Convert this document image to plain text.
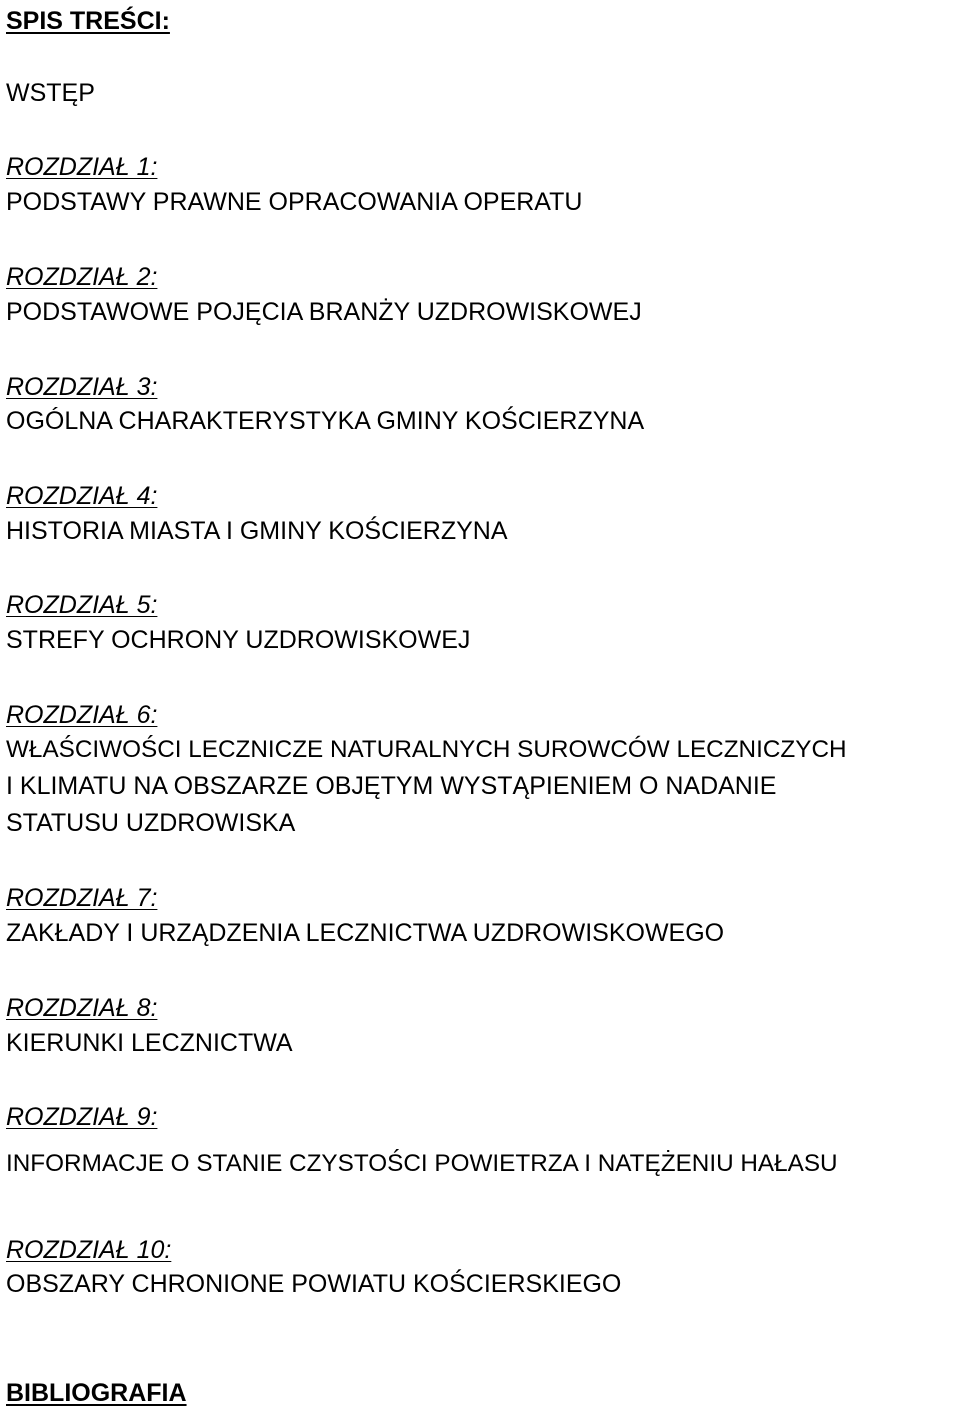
SPIS TREŚCI:

WSTĘP

ROZDZIAŁ 1:

PODSTAWY PRAWNE OPRACOWANIA OPERATU

ROZDZIAŁ 2:

PODSTAWOWE POJĘCIA BRANŻY UZDROWISKOWEJ

ROZDZIAŁ 3:

OGÓLNA CHARAKTERYSTYKA GMINY KOŚCIERZYNA

ROZDZIAŁ 4:

HISTORIA MIASTA I GMINY KOŚCIERZYNA

ROZDZIAŁ 5:

STREFY OCHRONY UZDROWISKOWEJ

ROZDZIAŁ 6:

WŁAŚCIWOŚCI LECZNICZE NATURALNYCH SUROWCÓW LECZNICZYCH

I KLIMATU NA OBSZARZE OBJĘTYM WYSTĄPIENIEM O NADANIE

STATUSU UZDROWISKA

ROZDZIAŁ 7:

ZAKŁADY I URZĄDZENIA LECZNICTWA UZDROWISKOWEGO

ROZDZIAŁ 8:

KIERUNKI LECZNICTWA

ROZDZIAŁ 9:

INFORMACJE O STANIE CZYSTOŚCI POWIETRZA I NATĘŻENIU HAŁASU

ROZDZIAŁ 10:

OBSZARY CHRONIONE POWIATU KOŚCIERSKIEGO

BIBLIOGRAFIA
